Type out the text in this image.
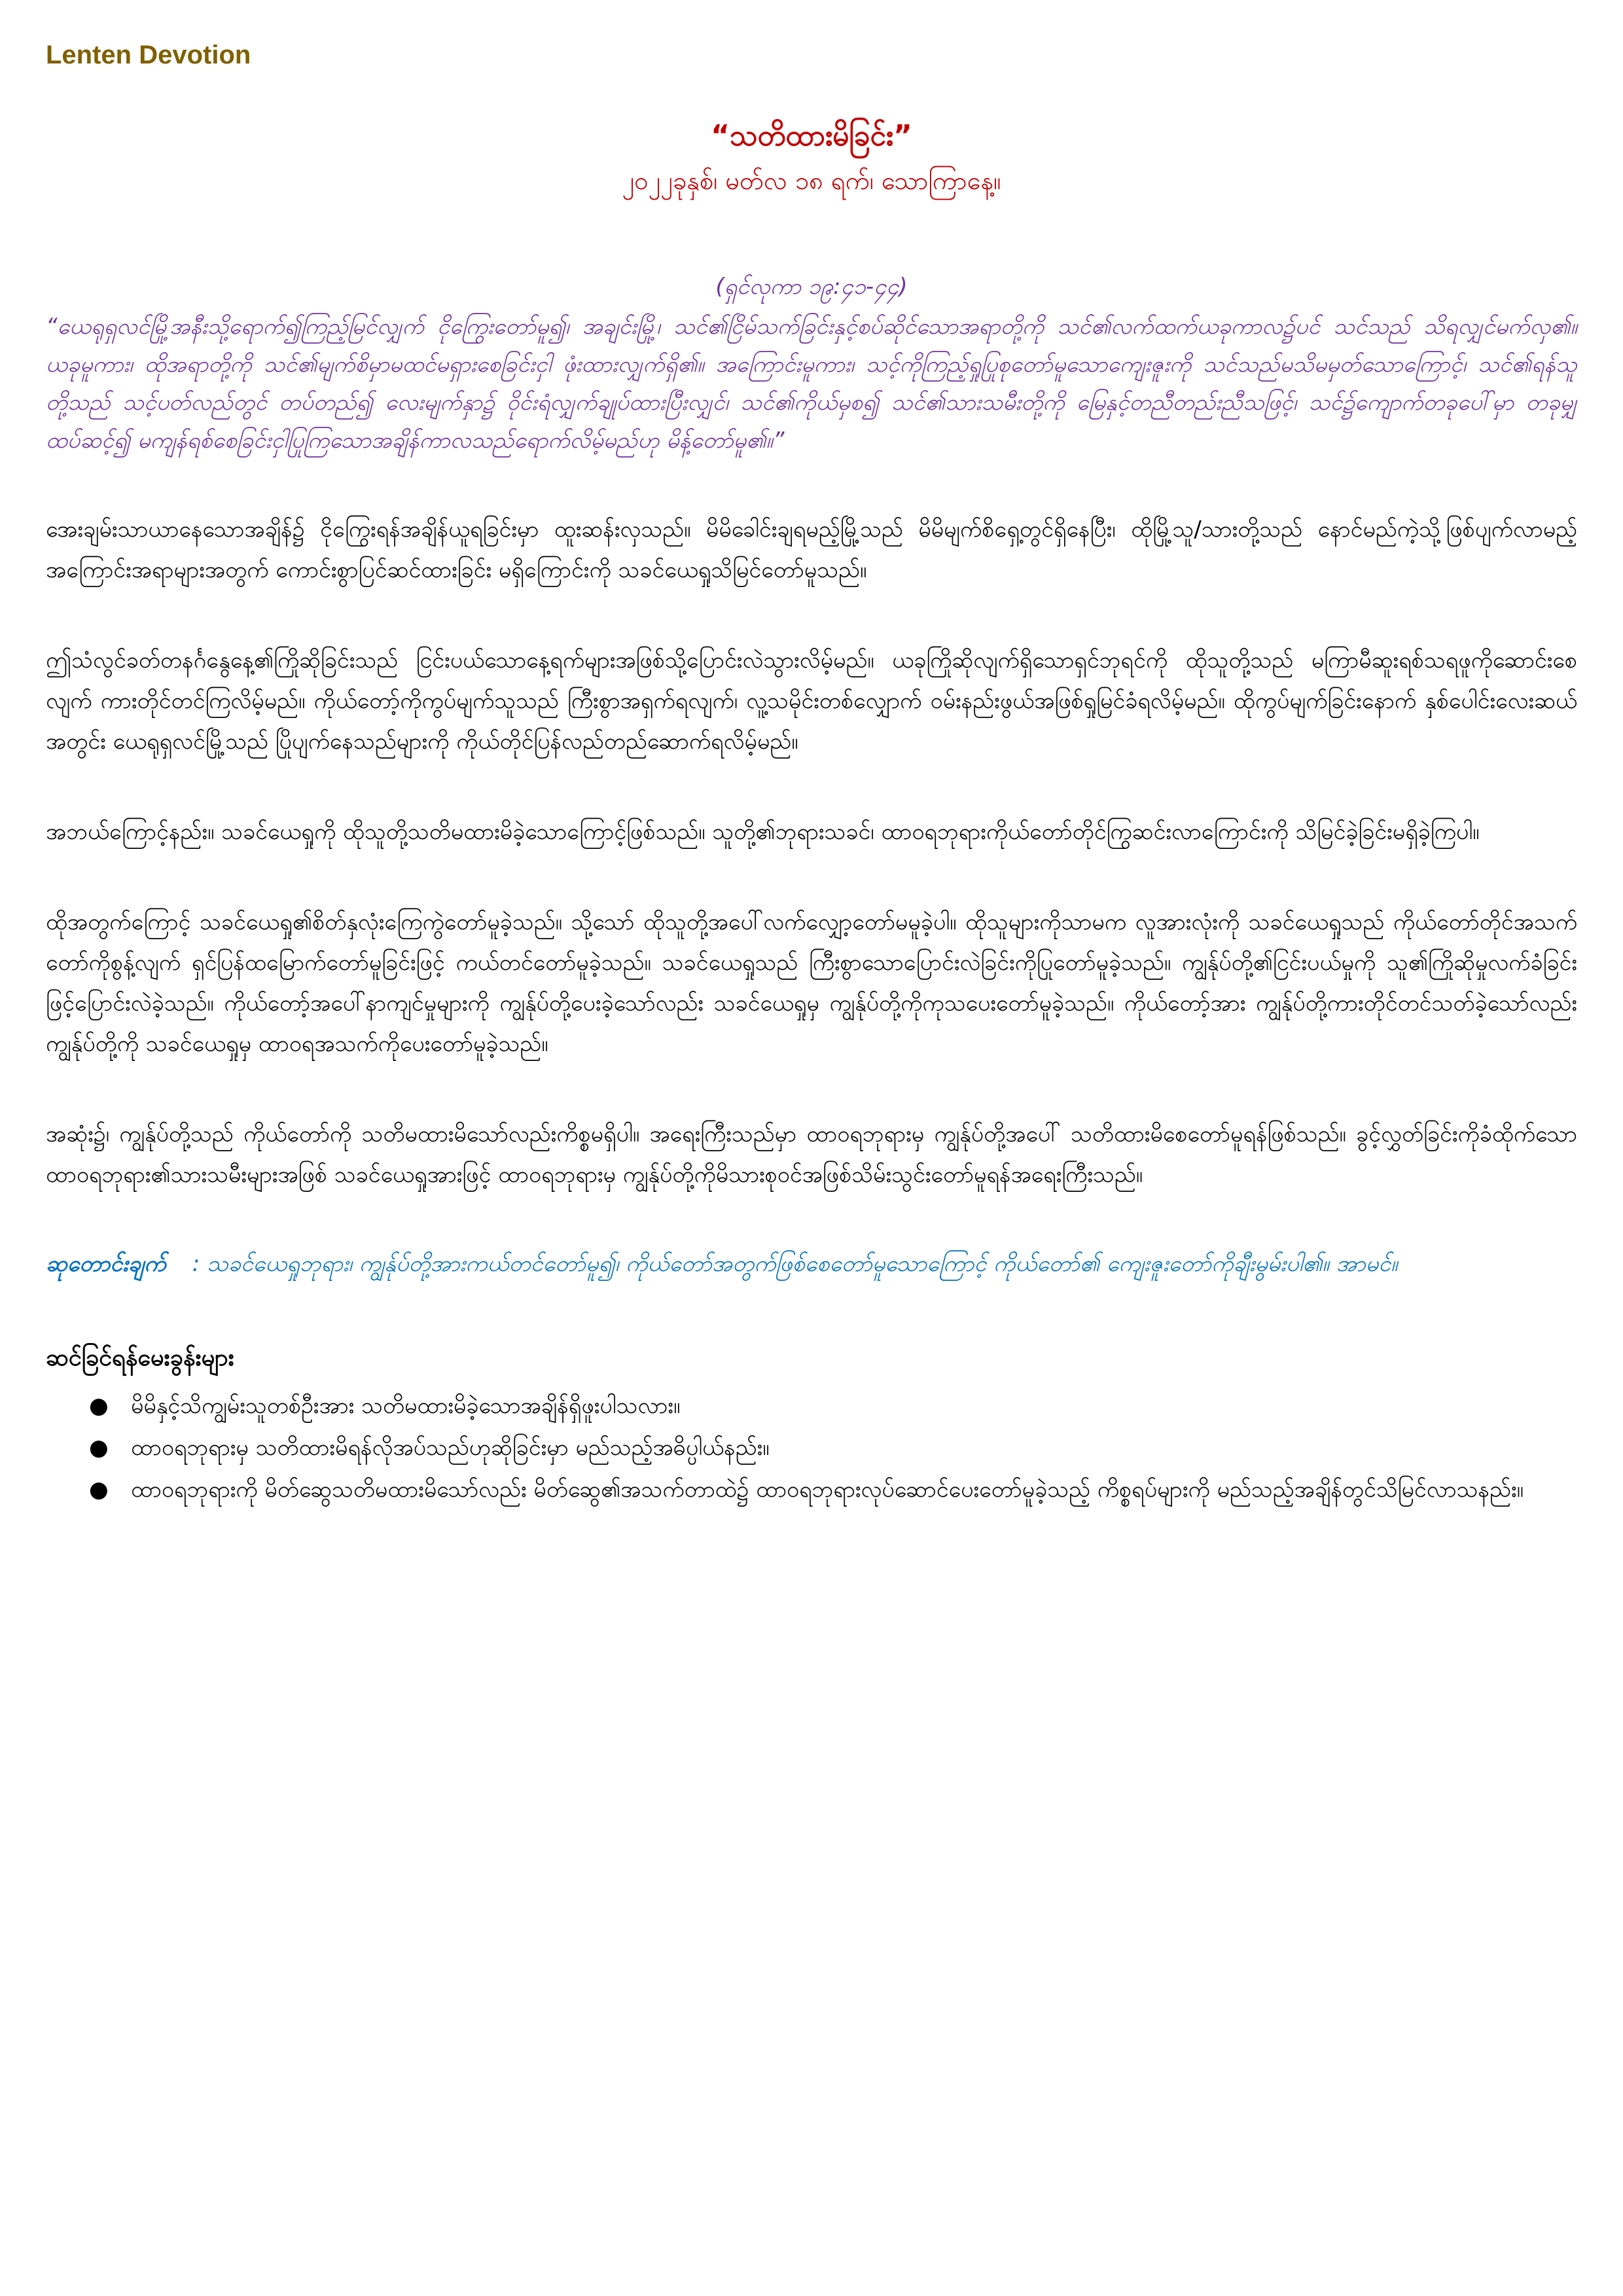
Lenten Devotion

“သတိထားမိခြင်း”

၂၀၂၂ခုနှစ်၊ မတ်လ ၁၈ ရက်၊ သောကြာနေ့။

(ရှင်လုကာ ၁၉:၄၁-၄၄)

“ယေရုရှလင်မြို့အနီးသို့ရောက်၍ကြည့်မြင်လျှက် ငိုကြွေးတော်မူ၍၊ အချင်းမြို့၊ သင်၏ငြိမ်သက်ခြင်းနှင့်စပ်ဆိုင်သောအရာတို့ကို သင်၏လက်ထက်ယခုကာလ၌ပင် သင်သည် သိရလျှင်မက်လှ၏။ ယခုမူကား၊ ထိုအရာတို့ကို သင်၏မျက်စိမှာမထင်မရှားစေခြင်းငှါ ဖုံးထားလျှက်ရှိ၏။ အကြောင်းမူကား၊ သင့်ကိုကြည့်ရှုပြုစုတော်မူသောကျေးဇူးကို သင်သည်မသိမမှတ်သောကြောင့်၊ သင်၏ရန်သူတို့သည် သင့်ပတ်လည်တွင် တပ်တည်၍ လေးမျက်နှာ၌ ဝိုင်းရံလျှက်ချုပ်ထားပြီးလျှင်၊ သင်၏ကိုယ်မှစ၍ သင်၏သားသမီးတို့ကို မြေနှင့်တညီတည်းညီသဖြင့်၊ သင်၌ကျောက်တခုပေါ်မှာ တခုမျှထပ်ဆင့်၍ မကျန်ရစ်စေခြင်းငှါပြုကြသောအချိန်ကာလသည်ရောက်လိမ့်မည်ဟု မိန့်တော်မူ၏။”

အေးချမ်းသာယာနေသောအချိန်၌ ငိုကြွေးရန်အချိန်ယူရခြင်းမှာ ထူးဆန်းလှသည်။ မိမိခေါင်းချရမည့်မြို့သည် မိမိမျက်စိရှေ့တွင်ရှိနေပြီး၊ ထိုမြို့သူ/သားတို့သည် နောင်မည်ကဲ့သို့ဖြစ်ပျက်လာမည့် အကြောင်းအရာများအတွက် ကောင်းစွာပြင်ဆင်ထားခြင်း မရှိကြောင်းကို သခင်ယေရှုသိမြင်တော်မူသည်။

ဤသံလွင်ခတ်တနင်္ဂနွေနေ့၏ကြိုဆိုခြင်းသည် ငြင်းပယ်သောနေ့ရက်များအဖြစ်သို့ပြောင်းလဲသွားလိမ့်မည်။ ယခုကြိုဆိုလျက်ရှိသောရှင်ဘုရင်ကို ထိုသူတို့သည် မကြာမီဆူးရစ်သရဖူကိုဆောင်းစေလျက် ကားတိုင်တင်ကြလိမ့်မည်။ ကိုယ်တော့်ကိုကွပ်မျက်သူသည် ကြီးစွာအရှက်ရလျက်၊ လူ့သမိုင်းတစ်လျှောက် ဝမ်းနည်းဖွယ်အဖြစ်ရှုမြင်ခံရလိမ့်မည်။ ထိုကွပ်မျက်ခြင်းနောက် နှစ်ပေါင်းလေးဆယ်အတွင်း ယေရုရှလင်မြို့သည် ပြိုပျက်နေသည်များကို ကိုယ်တိုင်ပြန်လည်တည်ဆောက်ရလိမ့်မည်။

အဘယ်ကြောင့်နည်း။ သခင်ယေရှုကို ထိုသူတို့သတိမထားမိခဲ့သောကြောင့်ဖြစ်သည်။ သူတို့၏ဘုရားသခင်၊ ထာဝရဘုရားကိုယ်တော်တိုင်ကြွဆင်းလာကြောင်းကို သိမြင်ခဲ့ခြင်းမရှိခဲ့ကြပါ။

ထိုအတွက်ကြောင့် သခင်ယေရှု၏စိတ်နှလုံးကြေကွဲတော်မူခဲ့သည်။ သို့သော် ထိုသူတို့အပေါ်လက်လျှော့တော်မမူခဲ့ပါ။ ထိုသူများကိုသာမက လူအားလုံးကို သခင်ယေရှုသည် ကိုယ်တော်တိုင်အသက်တော်ကိုစွန့်လျက် ရှင်ပြန်ထမြောက်တော်မူခြင်းဖြင့် ကယ်တင်တော်မူခဲ့သည်။ သခင်ယေရှုသည် ကြီးစွာသောပြောင်းလဲခြင်းကိုပြုတော်မူခဲ့သည်။ ကျွန်ုပ်တို့၏ငြင်းပယ်မှုကို သူ၏ကြိုဆိုမှုလက်ခံခြင်းဖြင့်ပြောင်းလဲခဲ့သည်။ ကိုယ်တော့်အပေါ်နာကျင်မှုများကို ကျွန်ုပ်တို့ပေးခဲ့သော်လည်း သခင်ယေရှုမှ ကျွန်ုပ်တို့ကိုကုသပေးတော်မူခဲ့သည်။ ကိုယ်တော့်အား ကျွန်ုပ်တို့ကားတိုင်တင်သတ်ခဲ့သော်လည်း ကျွန်ုပ်တို့ကို သခင်ယေရှုမှ ထာဝရအသက်ကိုပေးတော်မူခဲ့သည်။

အဆုံး၌၊ ကျွန်ုပ်တို့သည် ကိုယ်တော်ကို သတိမထားမိသော်လည်းကိစ္စမရှိပါ။ အရေးကြီးသည်မှာ ထာဝရဘုရားမှ ကျွန်ုပ်တို့အပေါ် သတိထားမိစေတော်မူရန်ဖြစ်သည်။ ခွင့်လွှတ်ခြင်းကိုခံထိုက်သော ထာဝရဘုရား၏သားသမီးများအဖြစ် သခင်ယေရှုအားဖြင့် ထာဝရဘုရားမှ ကျွန်ုပ်တို့ကိုမိသားစုဝင်အဖြစ်သိမ်းသွင်းတော်မူရန်အရေးကြီးသည်။

ဆုတောင်းချက် : သခင်ယေရှုဘုရား၊ ကျွန်ုပ်တို့အားကယ်တင်တော်မူ၍၊ ကိုယ်တော်အတွက်ဖြစ်စေတော်မူသောကြောင့် ကိုယ်တော်၏ ကျေးဇူးတော်ကိုချီးမွမ်းပါ၏။ အာမင်။

ဆင်ခြင်ရန်မေးခွန်းများ

● မိမိနှင့်သိကျွမ်းသူတစ်ဦးအား သတိမထားမိခဲ့သောအချိန်ရှိဖူးပါသလား။
● ထာဝရဘုရားမှ သတိထားမိရန်လိုအပ်သည်ဟုဆိုခြင်းမှာ မည်သည့်အဓိပ္ပါယ်နည်း။
● ထာဝရဘုရားကို မိတ်ဆွေသတိမထားမိသော်လည်း မိတ်ဆွေ၏အသက်တာထဲ၌ ထာဝရဘုရားလုပ်ဆောင်ပေးတော်မူခဲ့သည့် ကိစ္စရပ်များကို မည်သည့်အချိန်တွင်သိမြင်လာသနည်း။
